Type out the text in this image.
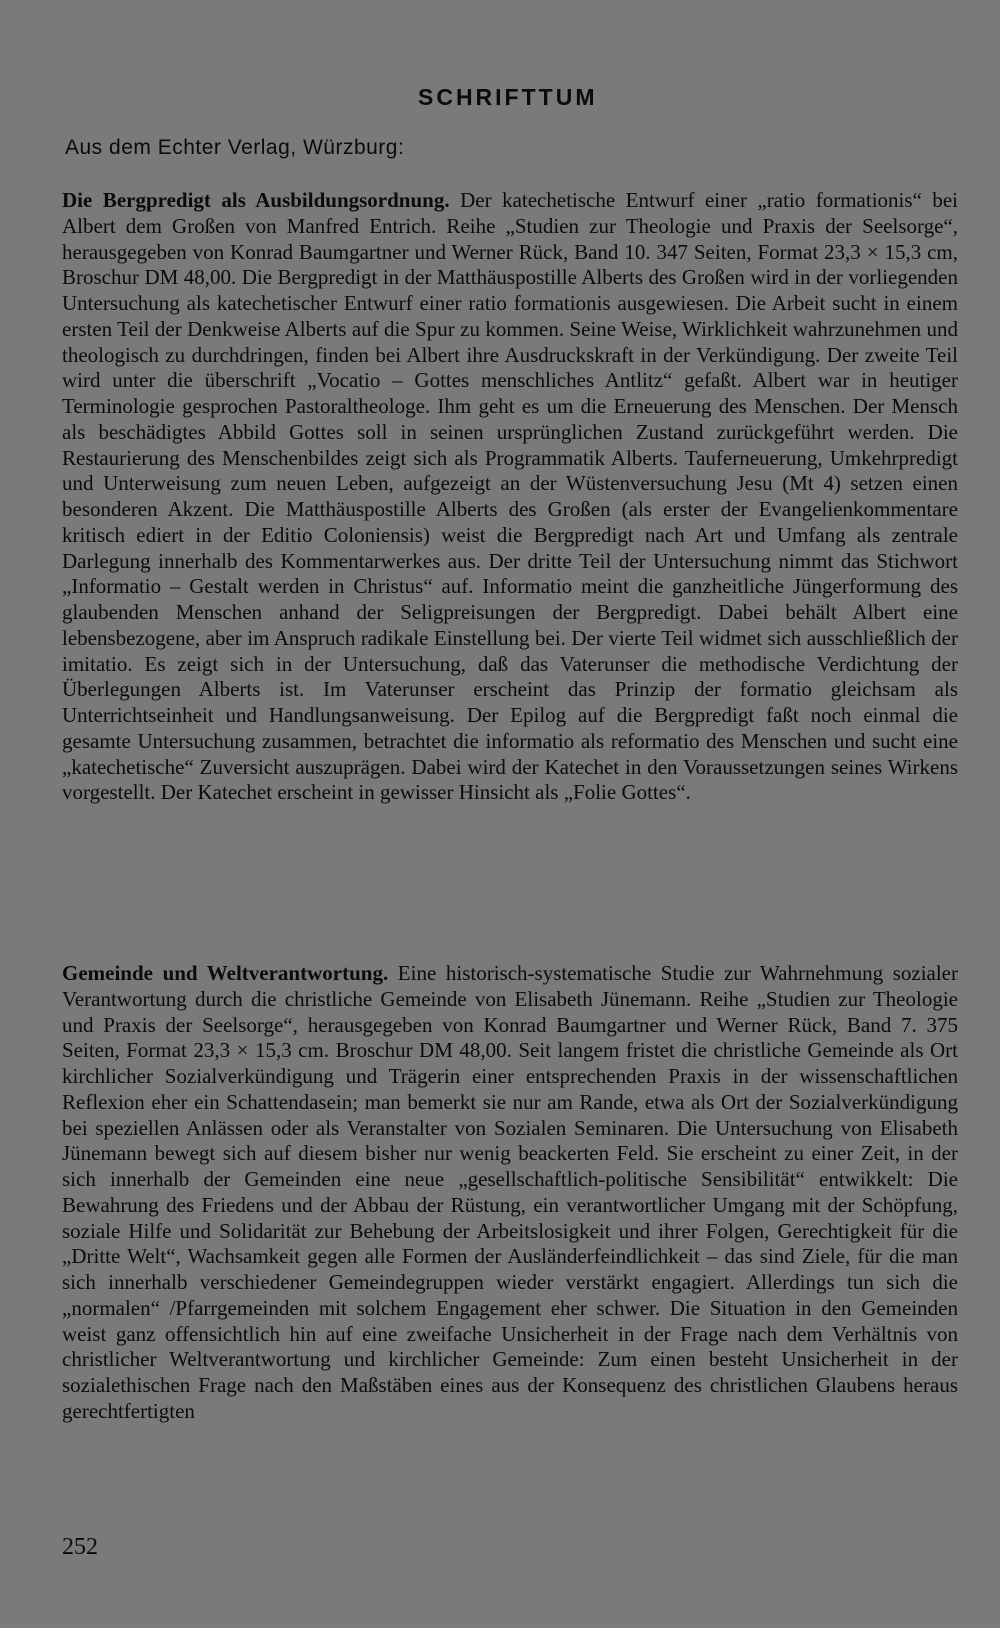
SCHRIFTTUM

Aus dem Echter Verlag, Würzburg:

Die Bergpredigt als Ausbildungsordnung. Der katechetische Entwurf einer „ratio formationis“ bei Albert dem Großen von Manfred Entrich. Reihe „Studien zur Theologie und Praxis der Seelsorge“, herausgegeben von Konrad Baumgartner und Werner Rück, Band 10. 347 Seiten, Format 23,3 × 15,3 cm, Broschur DM 48,00. Die Bergpredigt in der Matthäuspostille Alberts des Großen wird in der vorliegenden Untersuchung als katechetischer Entwurf einer ratio formationis ausgewiesen. Die Arbeit sucht in einem ersten Teil der Denkweise Alberts auf die Spur zu kommen. Seine Weise, Wirklichkeit wahrzunehmen und theologisch zu durchdringen, finden bei Albert ihre Ausdruckskraft in der Verkündigung. Der zweite Teil wird unter die überschrift „Vocatio – Gottes menschliches Antlitz“ gefaßt. Albert war in heutiger Terminologie gesprochen Pastoraltheologe. Ihm geht es um die Erneuerung des Menschen. Der Mensch als beschädigtes Abbild Gottes soll in seinen ursprünglichen Zustand zurückgeführt werden. Die Restaurierung des Menschenbildes zeigt sich als Programmatik Alberts. Tauferneuerung, Umkehrpredigt und Unterweisung zum neuen Leben, aufgezeigt an der Wüstenversuchung Jesu (Mt 4) setzen einen besonderen Akzent. Die Matthäuspostille Alberts des Großen (als erster der Evangelienkommentare kritisch ediert in der Editio Coloniensis) weist die Bergpredigt nach Art und Umfang als zentrale Darlegung innerhalb des Kommentarwerkes aus. Der dritte Teil der Untersuchung nimmt das Stichwort „Informatio – Gestalt werden in Christus“ auf. Informatio meint die ganzheitliche Jüngerformung des glaubenden Menschen anhand der Seligpreisungen der Bergpredigt. Dabei behält Albert eine lebensbezogene, aber im Anspruch radikale Einstellung bei. Der vierte Teil widmet sich ausschließlich der imitatio. Es zeigt sich in der Untersuchung, daß das Vaterunser die methodische Verdichtung der Überlegungen Alberts ist. Im Vaterunser erscheint das Prinzip der formatio gleichsam als Unterrichtseinheit und Handlungsanweisung. Der Epilog auf die Bergpredigt faßt noch einmal die gesamte Untersuchung zusammen, betrachtet die informatio als reformatio des Menschen und sucht eine „katechetische“ Zuversicht auszuprägen. Dabei wird der Katechet in den Voraussetzungen seines Wirkens vorgestellt. Der Katechet erscheint in gewisser Hinsicht als „Folie Gottes“.

Gemeinde und Weltverantwortung. Eine historisch-systematische Studie zur Wahrnehmung sozialer Verantwortung durch die christliche Gemeinde von Elisabeth Jünemann. Reihe „Studien zur Theologie und Praxis der Seelsorge“, herausgegeben von Konrad Baumgartner und Werner Rück, Band 7. 375 Seiten, Format 23,3 × 15,3 cm. Broschur DM 48,00. Seit langem fristet die christliche Gemeinde als Ort kirchlicher Sozialverkündigung und Trägerin einer entsprechenden Praxis in der wissenschaftlichen Reflexion eher ein Schattendasein; man bemerkt sie nur am Rande, etwa als Ort der Sozialverkündigung bei speziellen Anlässen oder als Veranstalter von Sozialen Seminaren. Die Untersuchung von Elisabeth Jünemann bewegt sich auf diesem bisher nur wenig beackerten Feld. Sie erscheint zu einer Zeit, in der sich innerhalb der Gemeinden eine neue „gesellschaftlich-politische Sensibilität“ entwikkelt: Die Bewahrung des Friedens und der Abbau der Rüstung, ein verantwortlicher Umgang mit der Schöpfung, soziale Hilfe und Solidarität zur Behebung der Arbeitslosigkeit und ihrer Folgen, Gerechtigkeit für die „Dritte Welt“, Wachsamkeit gegen alle Formen der Ausländerfeindlichkeit – das sind Ziele, für die man sich innerhalb verschiedener Gemeindegruppen wieder verstärkt engagiert. Allerdings tun sich die „normalen“ /Pfarrgemeinden mit solchem Engagement eher schwer. Die Situation in den Gemeinden weist ganz offensichtlich hin auf eine zweifache Unsicherheit in der Frage nach dem Verhältnis von christlicher Weltverantwortung und kirchlicher Gemeinde: Zum einen besteht Unsicherheit in der sozialethischen Frage nach den Maßstäben eines aus der Konsequenz des christlichen Glaubens heraus gerechtfertigten

252
